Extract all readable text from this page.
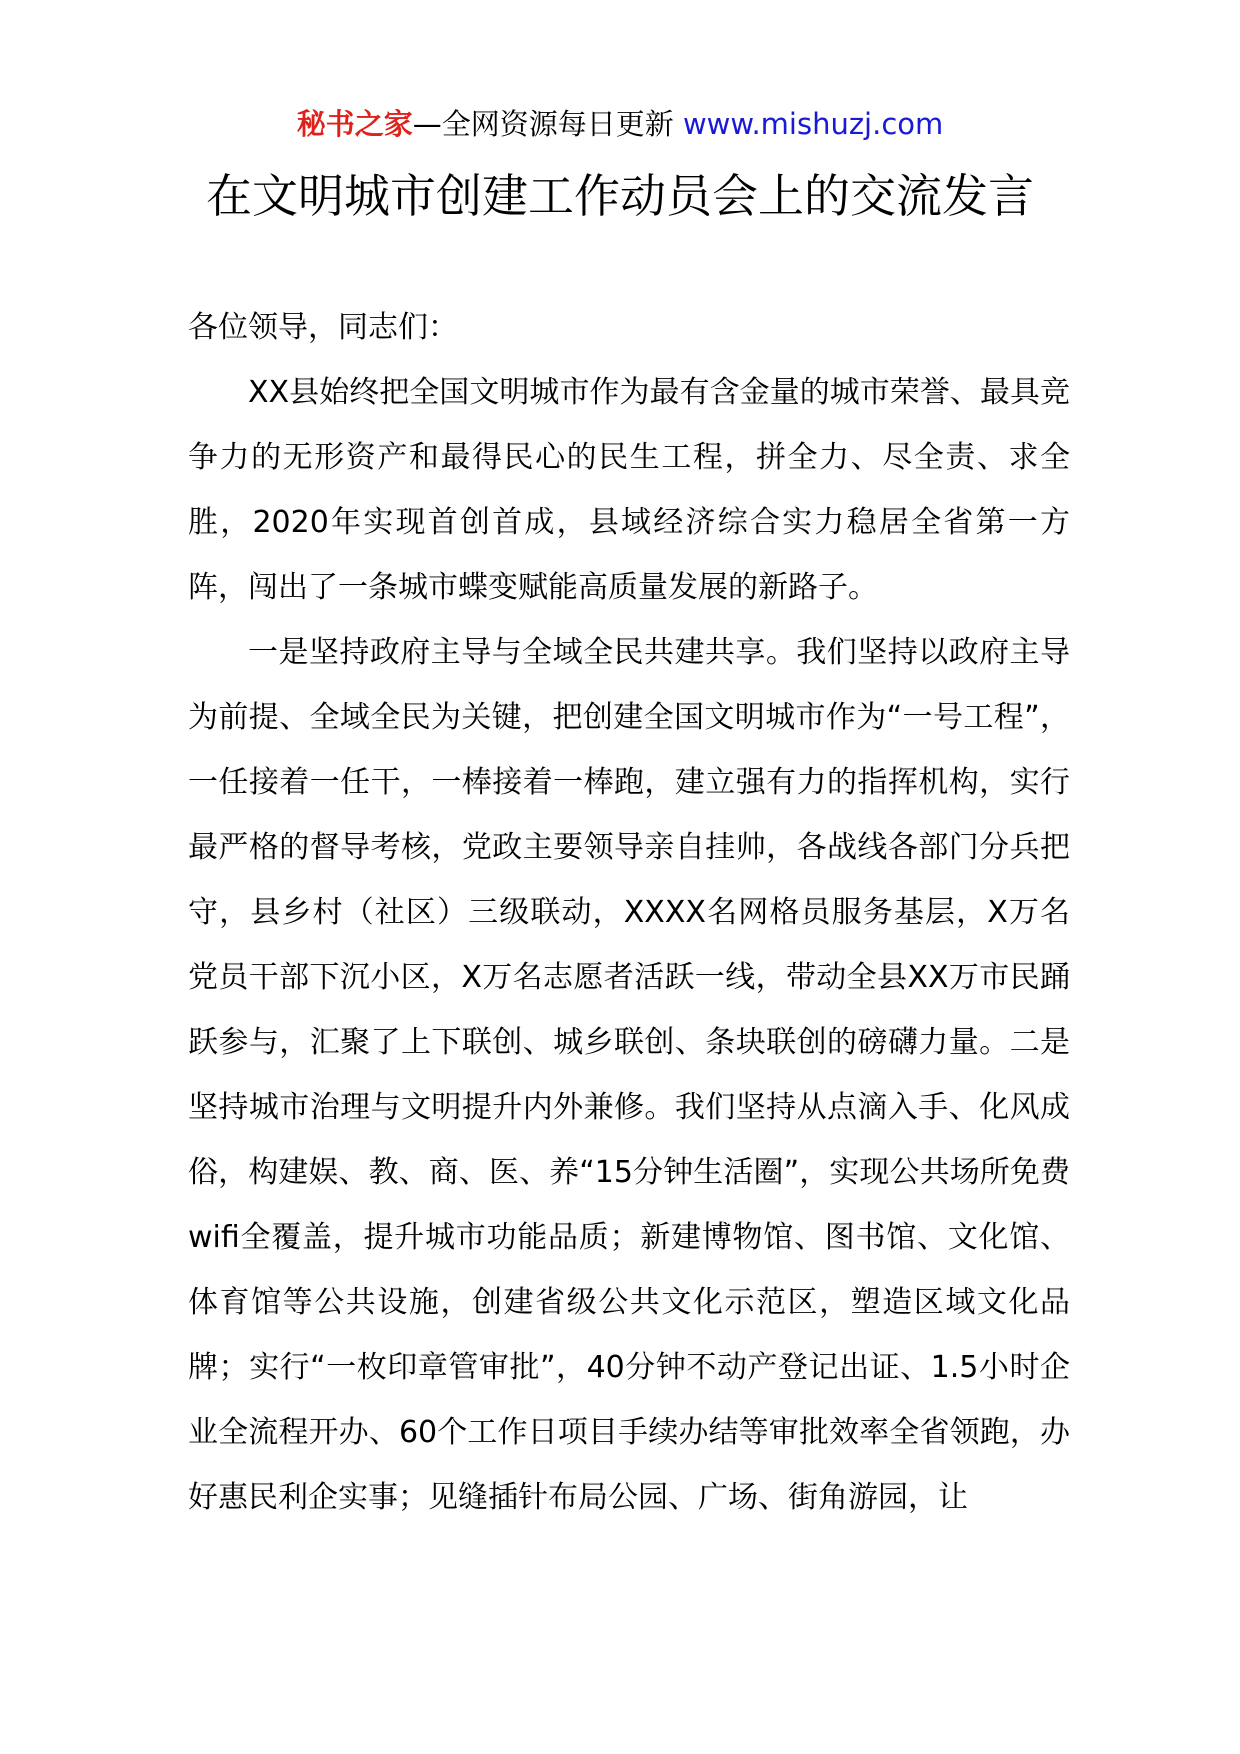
秘书之家—全网资源每日更新 www.mishuzj.com
在文明城市创建工作动员会上的交流发言

各位领导，同志们：

XX县始终把全国文明城市作为最有含金量的城市荣誉、最具竞争力的无形资产和最得民心的民生工程，拼全力、尽全责、求全胜，2020年实现首创首成，县域经济综合实力稳居全省第一方阵，闯出了一条城市蝶变赋能高质量发展的新路子。

一是坚持政府主导与全域全民共建共享。我们坚持以政府主导为前提、全域全民为关键，把创建全国文明城市作为“一号工程”，一任接着一任干，一棒接着一棒跑，建立强有力的指挥机构，实行最严格的督导考核，党政主要领导亲自挂帅，各战线各部门分兵把守，县乡村（社区）三级联动，XXXX名网格员服务基层，X万名党员干部下沉小区，X万名志愿者活跃一线，带动全县XX万市民踊跃参与，汇聚了上下联创、城乡联创、条块联创的磅礴力量。二是坚持城市治理与文明提升内外兼修。我们坚持从点滴入手、化风成俗，构建娱、教、商、医、养“15分钟生活圈”，实现公共场所免费wifi全覆盖，提升城市功能品质；新建博物馆、图书馆、文化馆、体育馆等公共设施，创建省级公共文化示范区，塑造区域文化品牌；实行“一枚印章管审批”，40分钟不动产登记出证、1.5小时企业全流程开办、60个工作日项目手续办结等审批效率全省领跑，办好惠民利企实事；见缝插针布局公园、广场、街角游园，让
